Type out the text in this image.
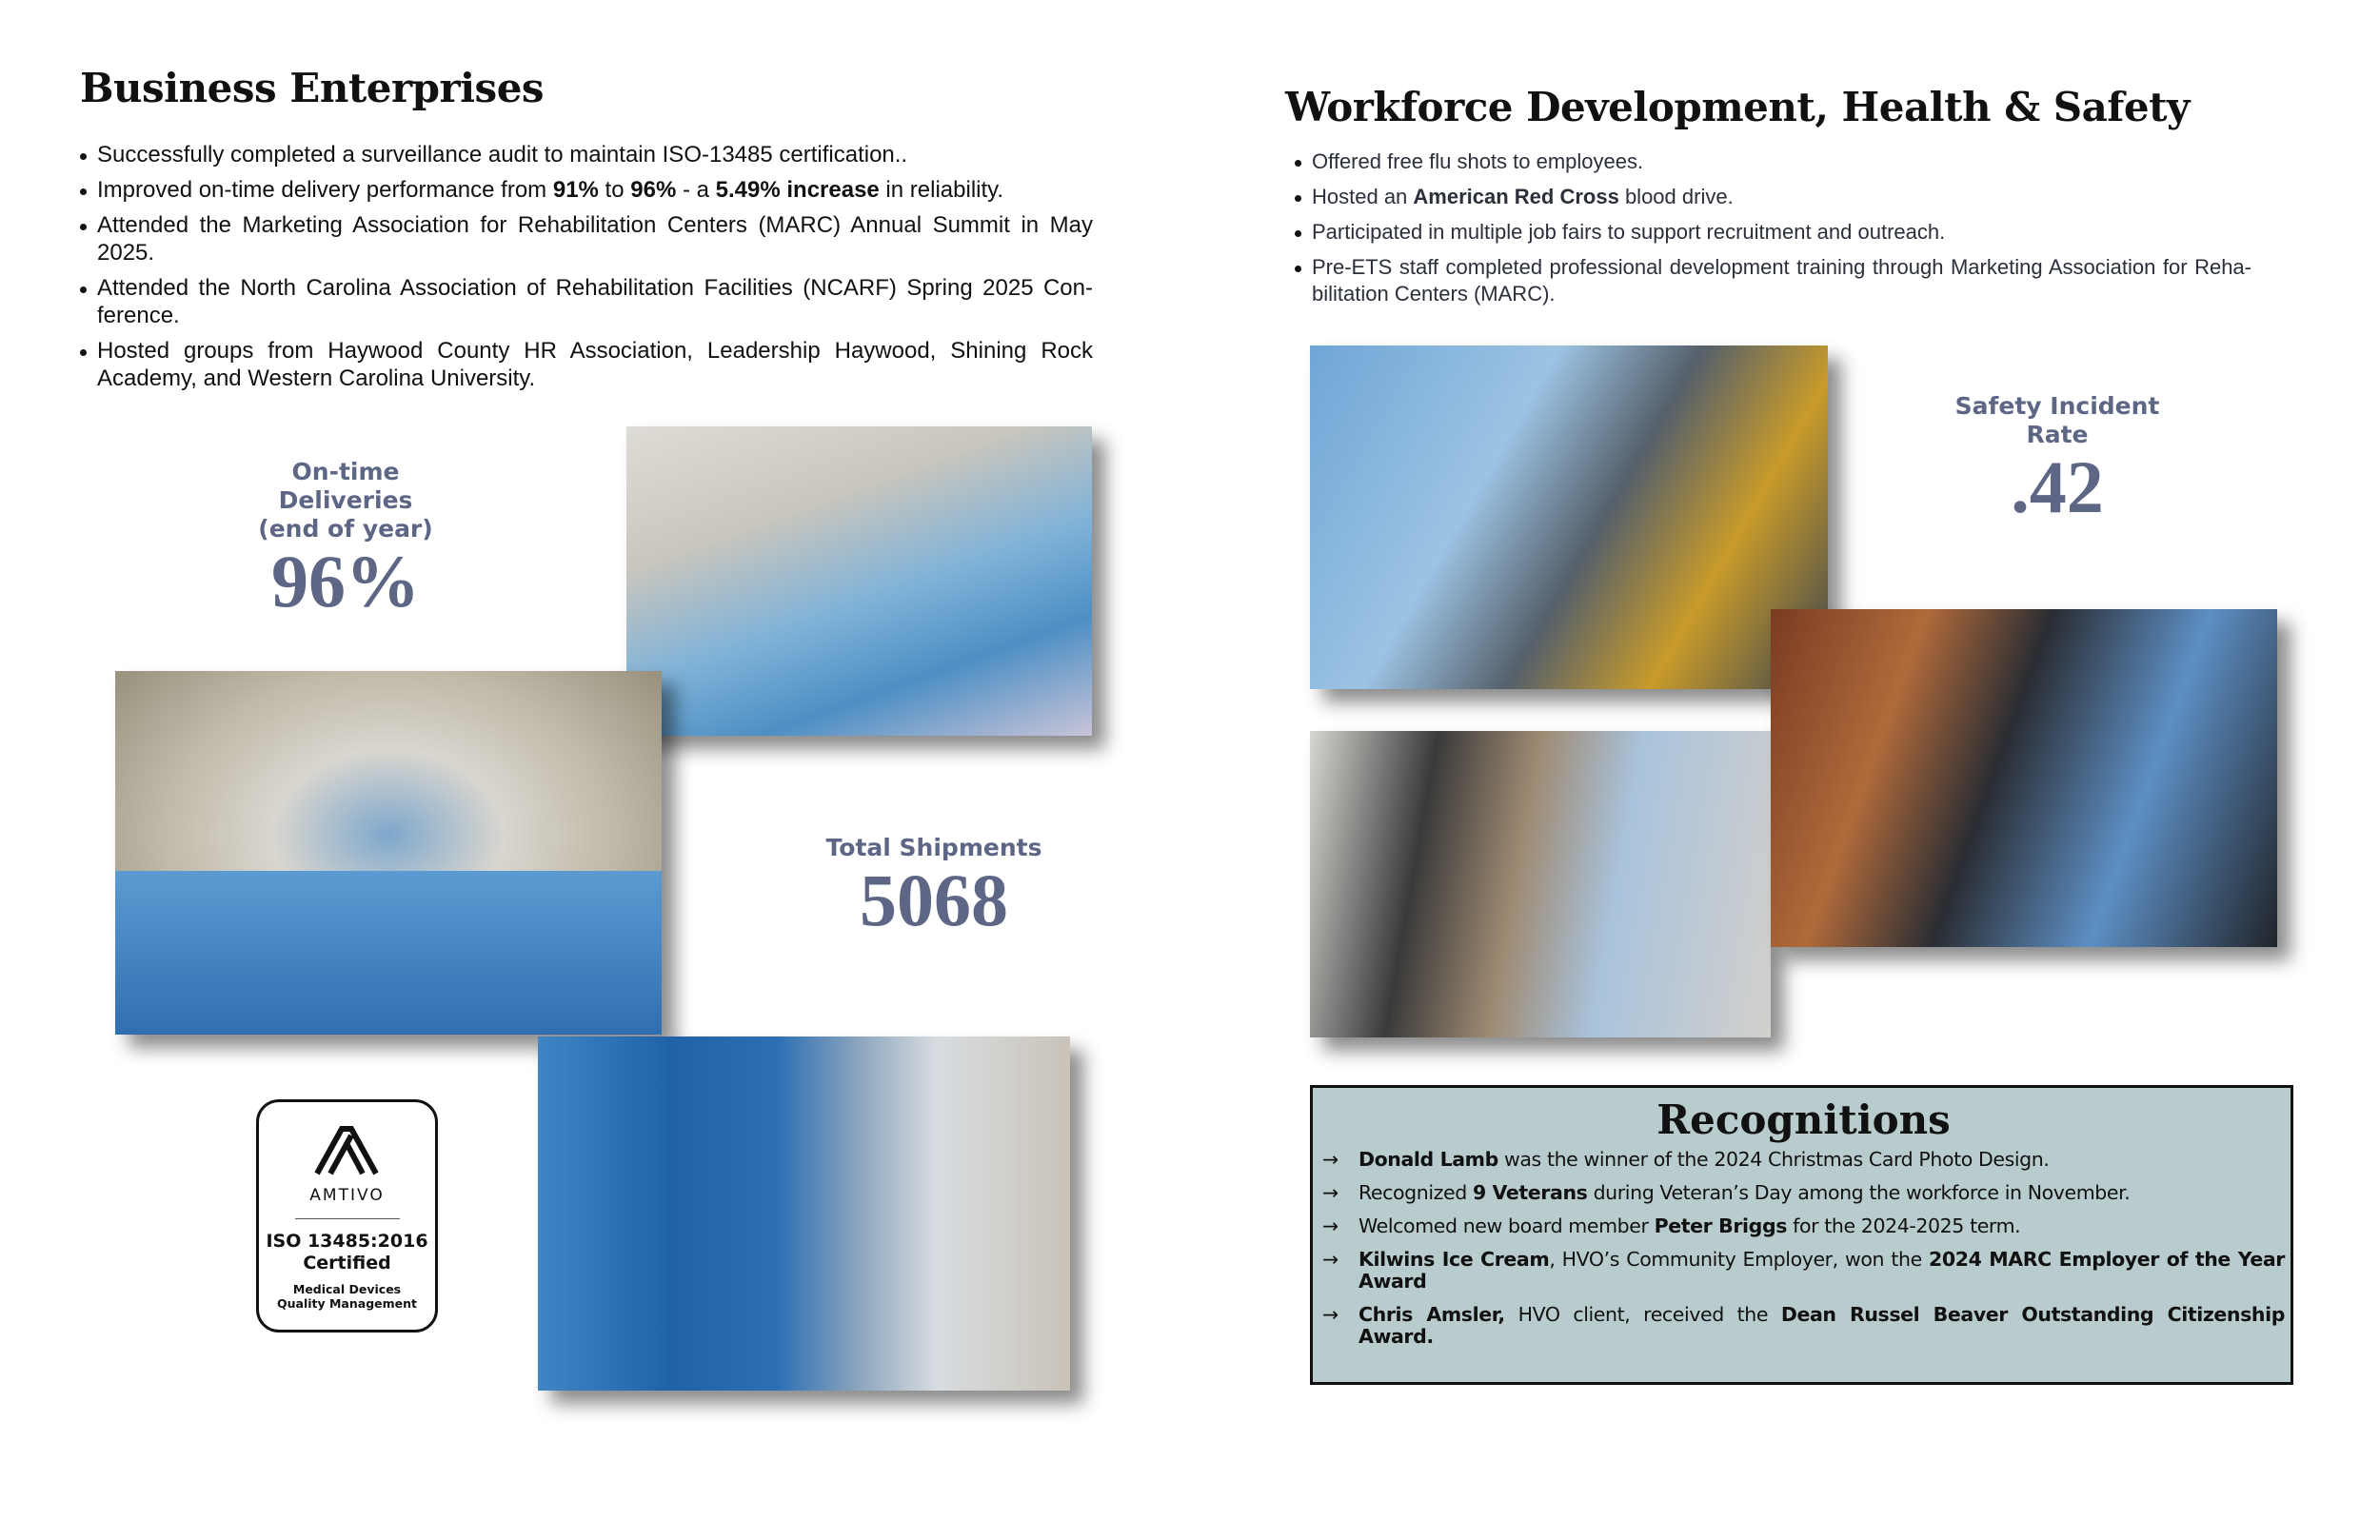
Business Enterprises
Successfully completed a surveillance audit to maintain ISO-13485 certification..
Improved on-time delivery performance from 91% to 96% - a 5.49% increase in reliability.
Attended the Marketing Association for Rehabilitation Centers (MARC) Annual Summit in May 2025.
Attended the North Carolina Association of Rehabilitation Facilities (NCARF) Spring 2025 Con-ference.
Hosted groups from Haywood County HR Association, Leadership Haywood, Shining Rock Academy, and Western Carolina University.
On-time Deliveries
(end of year)
96%
Total Shipments
5068
AMTIVO
ISO 13485:2016
Certified
Medical Devices
Quality Management
Workforce Development, Health & Safety
Offered free flu shots to employees.
Hosted an American Red Cross blood drive.
Participated in multiple job fairs to support recruitment and outreach.
Pre-ETS staff completed professional development training through Marketing Association for Reha-bilitation Centers (MARC).
Safety Incident
Rate
.42
Recognitions
→ Donald Lamb was the winner of the 2024 Christmas Card Photo Design.
→ Recognized 9 Veterans during Veteran’s Day among the workforce in November.
→ Welcomed new board member Peter Briggs for the 2024-2025 term.
→ Kilwins Ice Cream, HVO’s Community Employer, won the 2024 MARC Employer of the Year Award
→ Chris Amsler, HVO client, received the Dean Russel Beaver Outstanding Citizenship Award.
